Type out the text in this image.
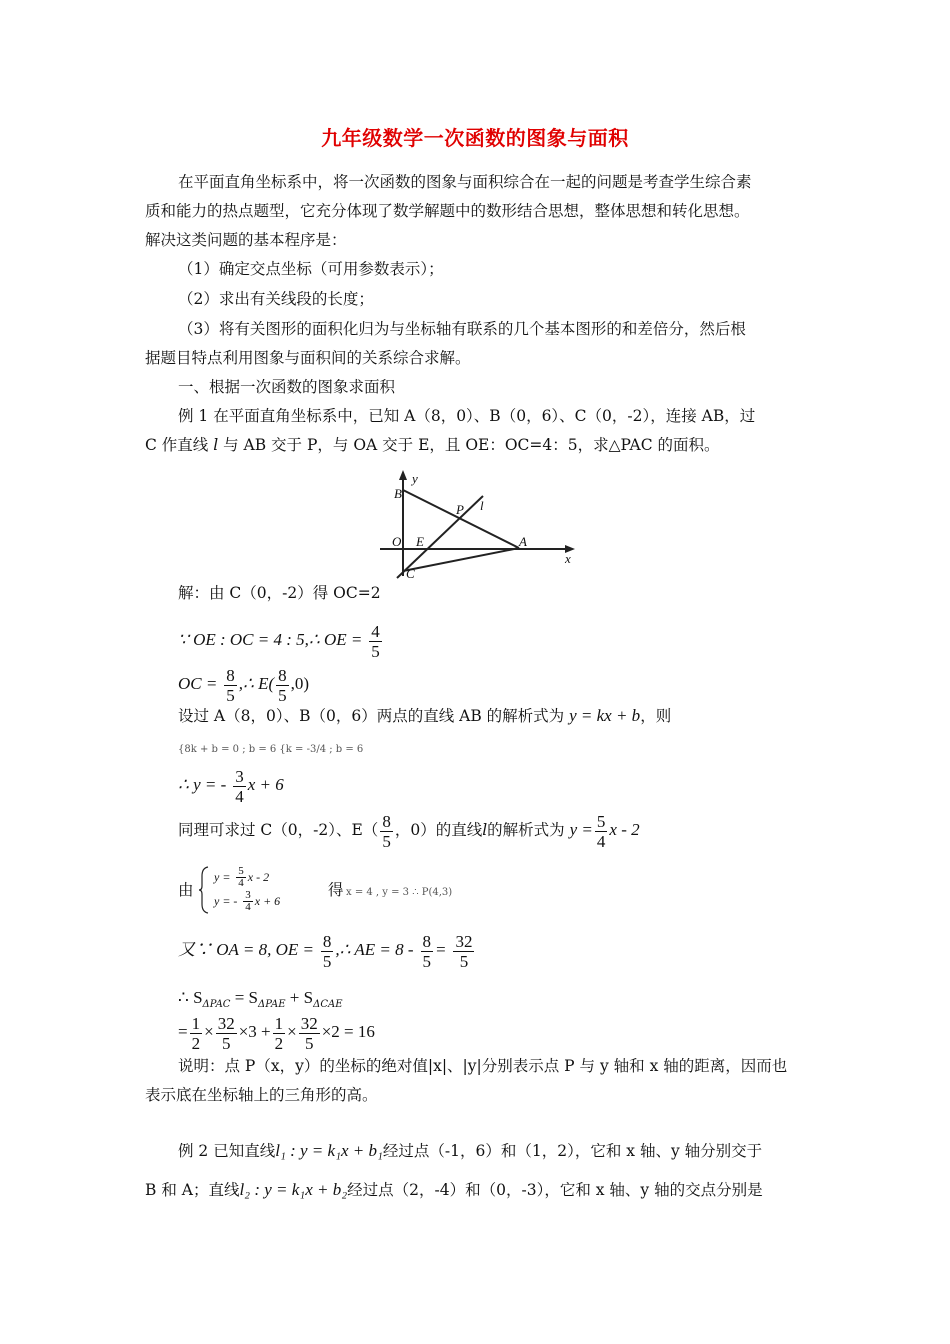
九年级数学一次函数的图象与面积
在平面直角坐标系中，将一次函数的图象与面积综合在一起的问题是考查学生综合素
质和能力的热点题型，它充分体现了数学解题中的数形结合思想，整体思想和转化思想。
解决这类问题的基本程序是：
（1）确定交点坐标（可用参数表示）；
（2）求出有关线段的长度；
（3）将有关图形的面积化归为与坐标轴有联系的几个基本图形的和差倍分，然后根
据题目特点利用图象与面积间的关系综合求解。
一、根据一次函数的图象求面积
例 1 在平面直角坐标系中，已知 A（8，0）、B（0，6）、C（0，-2），连接 AB，过
C 作直线 l 与 AB 交于 P，与 OA 交于 E，且 OE：OC=4：5，求△PAC 的面积。
y
x
B
P l
O E	A
C
解：由 C（0，-2）得 OC=2
∵ OE : OC = 4 : 5,∴ OE = $\frac{4}{5}$
OC = $\frac{8}{5}$ ,∴ $E( \frac{8}{5} ,0)$
设过 A（8，0）、B（0，6）两点的直线 AB 的解析式为 y = kx + b，则
{8k + b = 0 ; b = 6 {k = -3/4 ; b = 6
∴ y = - $\frac{3}{4}$ x + 6
同理可求过 C（0，-2）、$E( \frac{8}{5}$ ，0）的直线l的解析式为 $y = \frac{5}{4}$ x - 2
由
$y = \frac{5}{4}$ x - 2
y = - $\frac{3}{4}$ x + 6
得 x = 4 , y = 3 ∴ P(4,3)
又∵ OA = 8, OE = $\frac{8}{5}$ ,∴ AE = $8 - \frac{8}{5} = \frac{32}{5}$
∴ $S_{\Delta PAC} = S_{\Delta PAE} + S_{\Delta CAE}$
= $\frac{1}{2} \times \frac{32}{5} \times 3 + \frac{1}{2} \times \frac{32}{5} \times 2 = 16$
说明：点 P（x，y）的坐标的绝对值|x|、|y|分别表示点 P 与 y 轴和 x 轴的距离，因而也
表示底在坐标轴上的三角形的高。
例 2 已知直线l₁ : y = k₁x + b₁经过点（-1，6）和（1，2），它和 x 轴、y 轴分别交于
B 和 A；直线l₂ : y = k₁x + b₂经过点（2，-4）和（0，-3），它和 x 轴、y 轴的交点分别是
